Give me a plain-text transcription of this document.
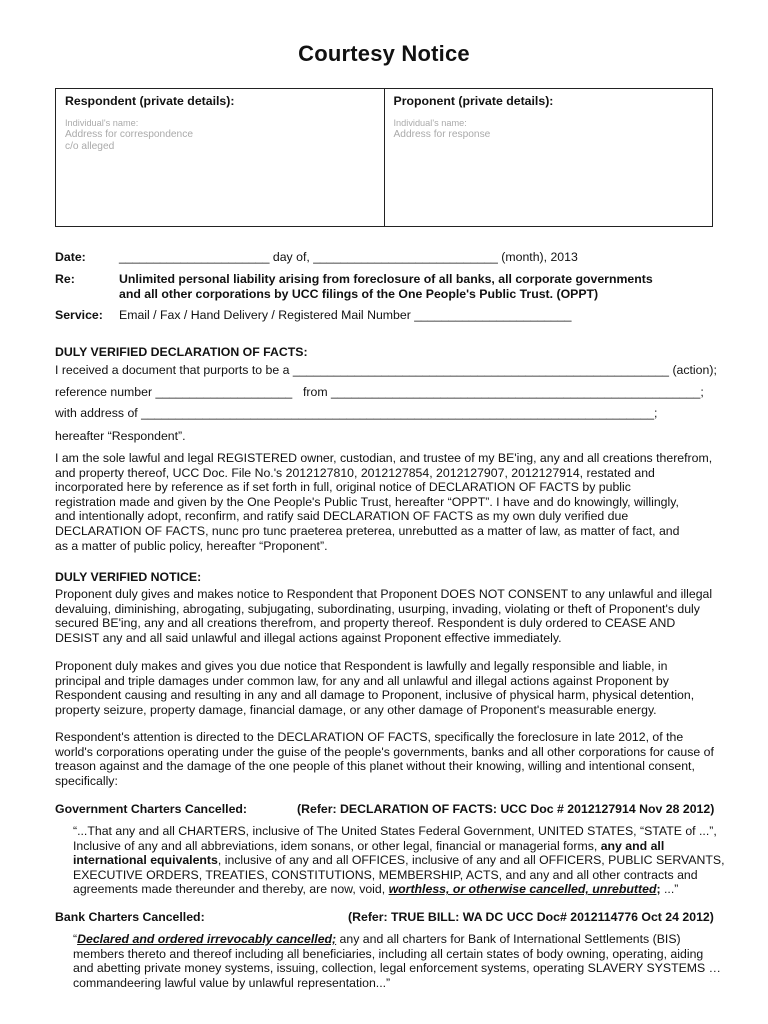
Courtesy Notice
Respondent (private details):
Individual's name:
Address for correspondence
c/o alleged
Proponent (private details):
Individual's name:
Address for response
Date:	______________________ day of, ___________________________ (month), 2013
Re:	Unlimited personal liability arising from foreclosure of all banks, all corporate governments
and all other corporations by UCC filings of the One People's Public Trust. (OPPT)
Service: Email / Fax / Hand Delivery / Registered Mail Number _______________________
DULY VERIFIED DECLARATION OF FACTS:
I received a document that purports to be a _______________________________________________________ (action);
reference number ____________________ from ______________________________________________________;
with address of ___________________________________________________________________________;
hereafter “Respondent”.
I am the sole lawful and legal REGISTERED owner, custodian, and trustee of my BE'ing, any and all creations therefrom,
and property thereof, UCC Doc. File No.'s 2012127810, 2012127854, 2012127907, 2012127914, restated and
incorporated here by reference as if set forth in full, original notice of DECLARATION OF FACTS by public
registration made and given by the One People's Public Trust, hereafter “OPPT”. I have and do knowingly, willingly,
and intentionally adopt, reconfirm, and ratify said DECLARATION OF FACTS as my own duly verified due
DECLARATION OF FACTS, nunc pro tunc praeterea preterea, unrebutted as a matter of law, as matter of fact, and
as a matter of public policy, hereafter “Proponent”.
DULY VERIFIED NOTICE:
Proponent duly gives and makes notice to Respondent that Proponent DOES NOT CONSENT to any unlawful and illegal
devaluing, diminishing, abrogating, subjugating, subordinating, usurping, invading, violating or theft of Proponent's duly
secured BE'ing, any and all creations therefrom, and property thereof. Respondent is duly ordered to CEASE AND
DESIST any and all said unlawful and illegal actions against Proponent effective immediately.
Proponent duly makes and gives you due notice that Respondent is lawfully and legally responsible and liable, in
principal and triple damages under common law, for any and all unlawful and illegal actions against Proponent by
Respondent causing and resulting in any and all damage to Proponent, inclusive of physical harm, physical detention,
property seizure, property damage, financial damage, or any other damage of Proponent's measurable energy.
Respondent's attention is directed to the DECLARATION OF FACTS, specifically the foreclosure in late 2012, of the
world's corporations operating under the guise of the people's governments, banks and all other corporations for cause of
treason against and the damage of the one people of this planet without their knowing, willing and intentional consent,
specifically:
Government Charters Cancelled:	(Refer: DECLARATION OF FACTS: UCC Doc # 2012127914 Nov 28 2012)
“...That any and all CHARTERS, inclusive of The United States Federal Government, UNITED STATES, “STATE of ...”,
Inclusive of any and all abbreviations, idem sonans, or other legal, financial or managerial forms, any and all
international equivalents, inclusive of any and all OFFICES, inclusive of any and all OFFICERS, PUBLIC SERVANTS,
EXECUTIVE ORDERS, TREATIES, CONSTITUTIONS, MEMBERSHIP, ACTS, and any and all other contracts and
agreements made thereunder and thereby, are now, void, worthless, or otherwise cancelled, unrebutted; ...”
Bank Charters Cancelled:	(Refer: TRUE BILL: WA DC UCC Doc# 2012114776 Oct 24 2012)
“Declared and ordered irrevocably cancelled; any and all charters for Bank of International Settlements (BIS)
members thereto and thereof including all beneficiaries, including all certain states of body owning, operating, aiding
and abetting private money systems, issuing, collection, legal enforcement systems, operating SLAVERY SYSTEMS …
commandeering lawful value by unlawful representation...”
